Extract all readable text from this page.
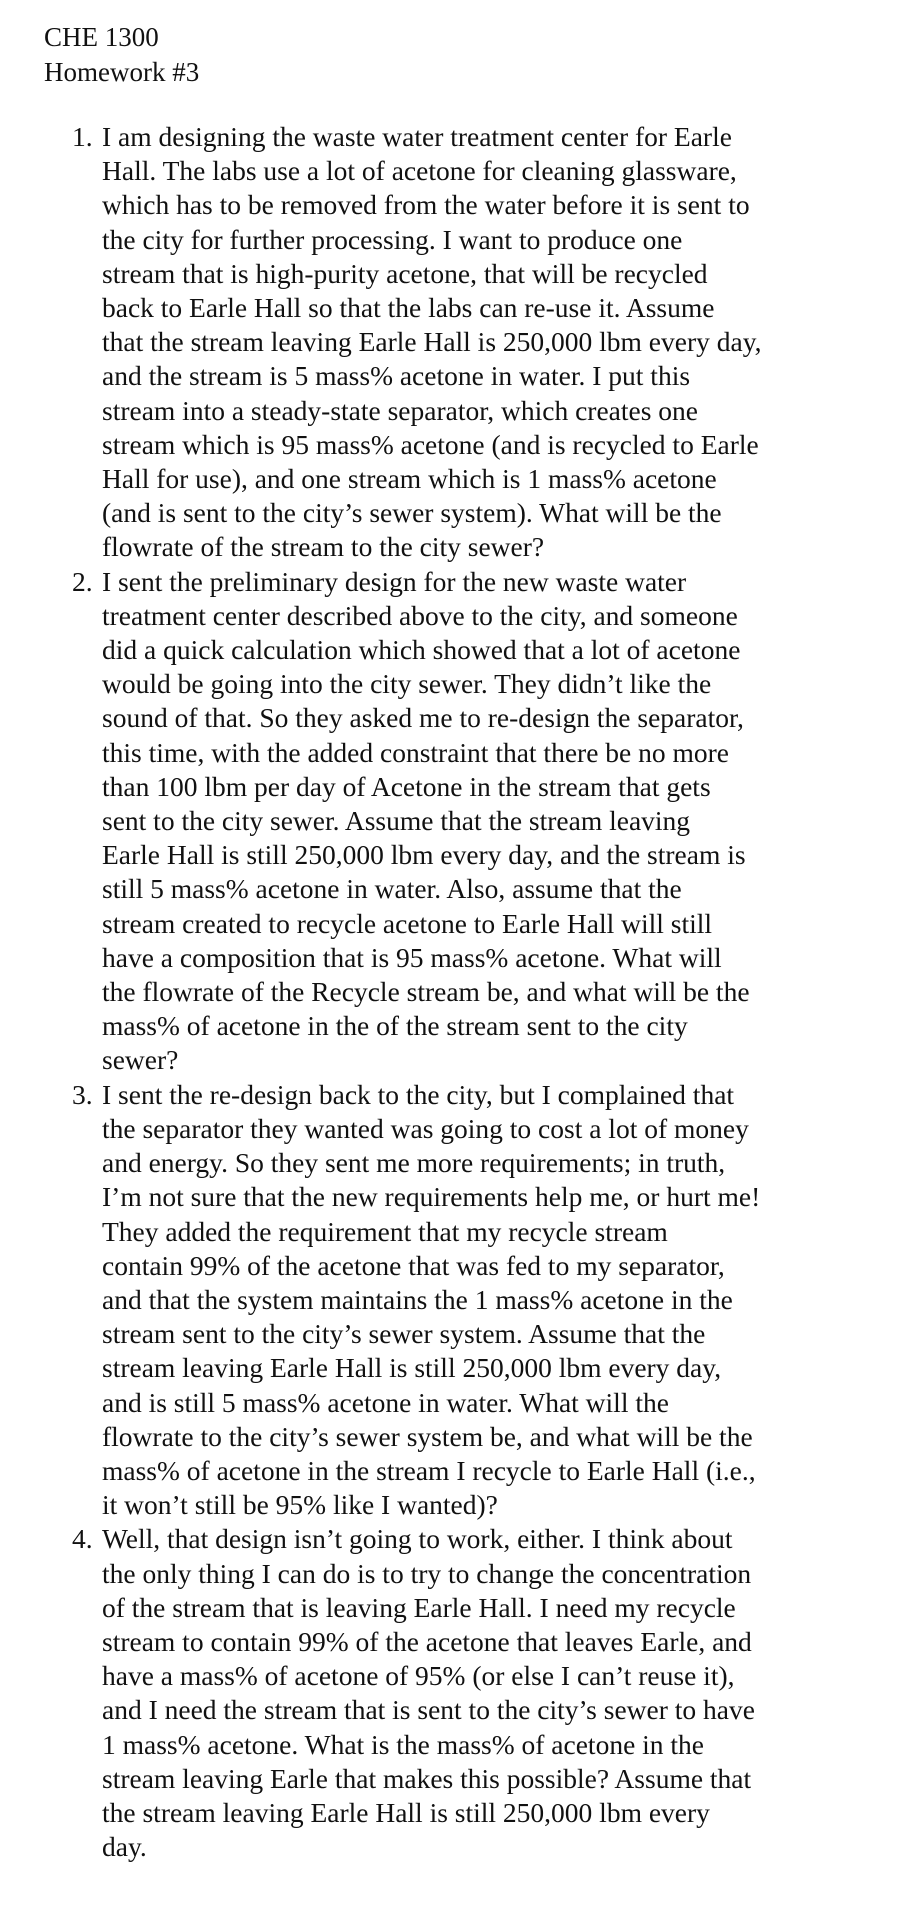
CHE 1300
Homework #3
1. I am designing the waste water treatment center for Earle
Hall. The labs use a lot of acetone for cleaning glassware,
which has to be removed from the water before it is sent to
the city for further processing. I want to produce one
stream that is high-purity acetone, that will be recycled
back to Earle Hall so that the labs can re-use it. Assume
that the stream leaving Earle Hall is 250,000 lbm every day,
and the stream is 5 mass% acetone in water. I put this
stream into a steady-state separator, which creates one
stream which is 95 mass% acetone (and is recycled to Earle
Hall for use), and one stream which is 1 mass% acetone
(and is sent to the city’s sewer system). What will be the
flowrate of the stream to the city sewer?
2. I sent the preliminary design for the new waste water
treatment center described above to the city, and someone
did a quick calculation which showed that a lot of acetone
would be going into the city sewer. They didn’t like the
sound of that. So they asked me to re-design the separator,
this time, with the added constraint that there be no more
than 100 lbm per day of Acetone in the stream that gets
sent to the city sewer. Assume that the stream leaving
Earle Hall is still 250,000 lbm every day, and the stream is
still 5 mass% acetone in water. Also, assume that the
stream created to recycle acetone to Earle Hall will still
have a composition that is 95 mass% acetone. What will
the flowrate of the Recycle stream be, and what will be the
mass% of acetone in the of the stream sent to the city
sewer?
3. I sent the re-design back to the city, but I complained that
the separator they wanted was going to cost a lot of money
and energy. So they sent me more requirements; in truth,
I’m not sure that the new requirements help me, or hurt me!
They added the requirement that my recycle stream
contain 99% of the acetone that was fed to my separator,
and that the system maintains the 1 mass% acetone in the
stream sent to the city’s sewer system. Assume that the
stream leaving Earle Hall is still 250,000 lbm every day,
and is still 5 mass% acetone in water. What will the
flowrate to the city’s sewer system be, and what will be the
mass% of acetone in the stream I recycle to Earle Hall (i.e.,
it won’t still be 95% like I wanted)?
4. Well, that design isn’t going to work, either. I think about
the only thing I can do is to try to change the concentration
of the stream that is leaving Earle Hall. I need my recycle
stream to contain 99% of the acetone that leaves Earle, and
have a mass% of acetone of 95% (or else I can’t reuse it),
and I need the stream that is sent to the city’s sewer to have
1 mass% acetone. What is the mass% of acetone in the
stream leaving Earle that makes this possible? Assume that
the stream leaving Earle Hall is still 250,000 lbm every
day.
